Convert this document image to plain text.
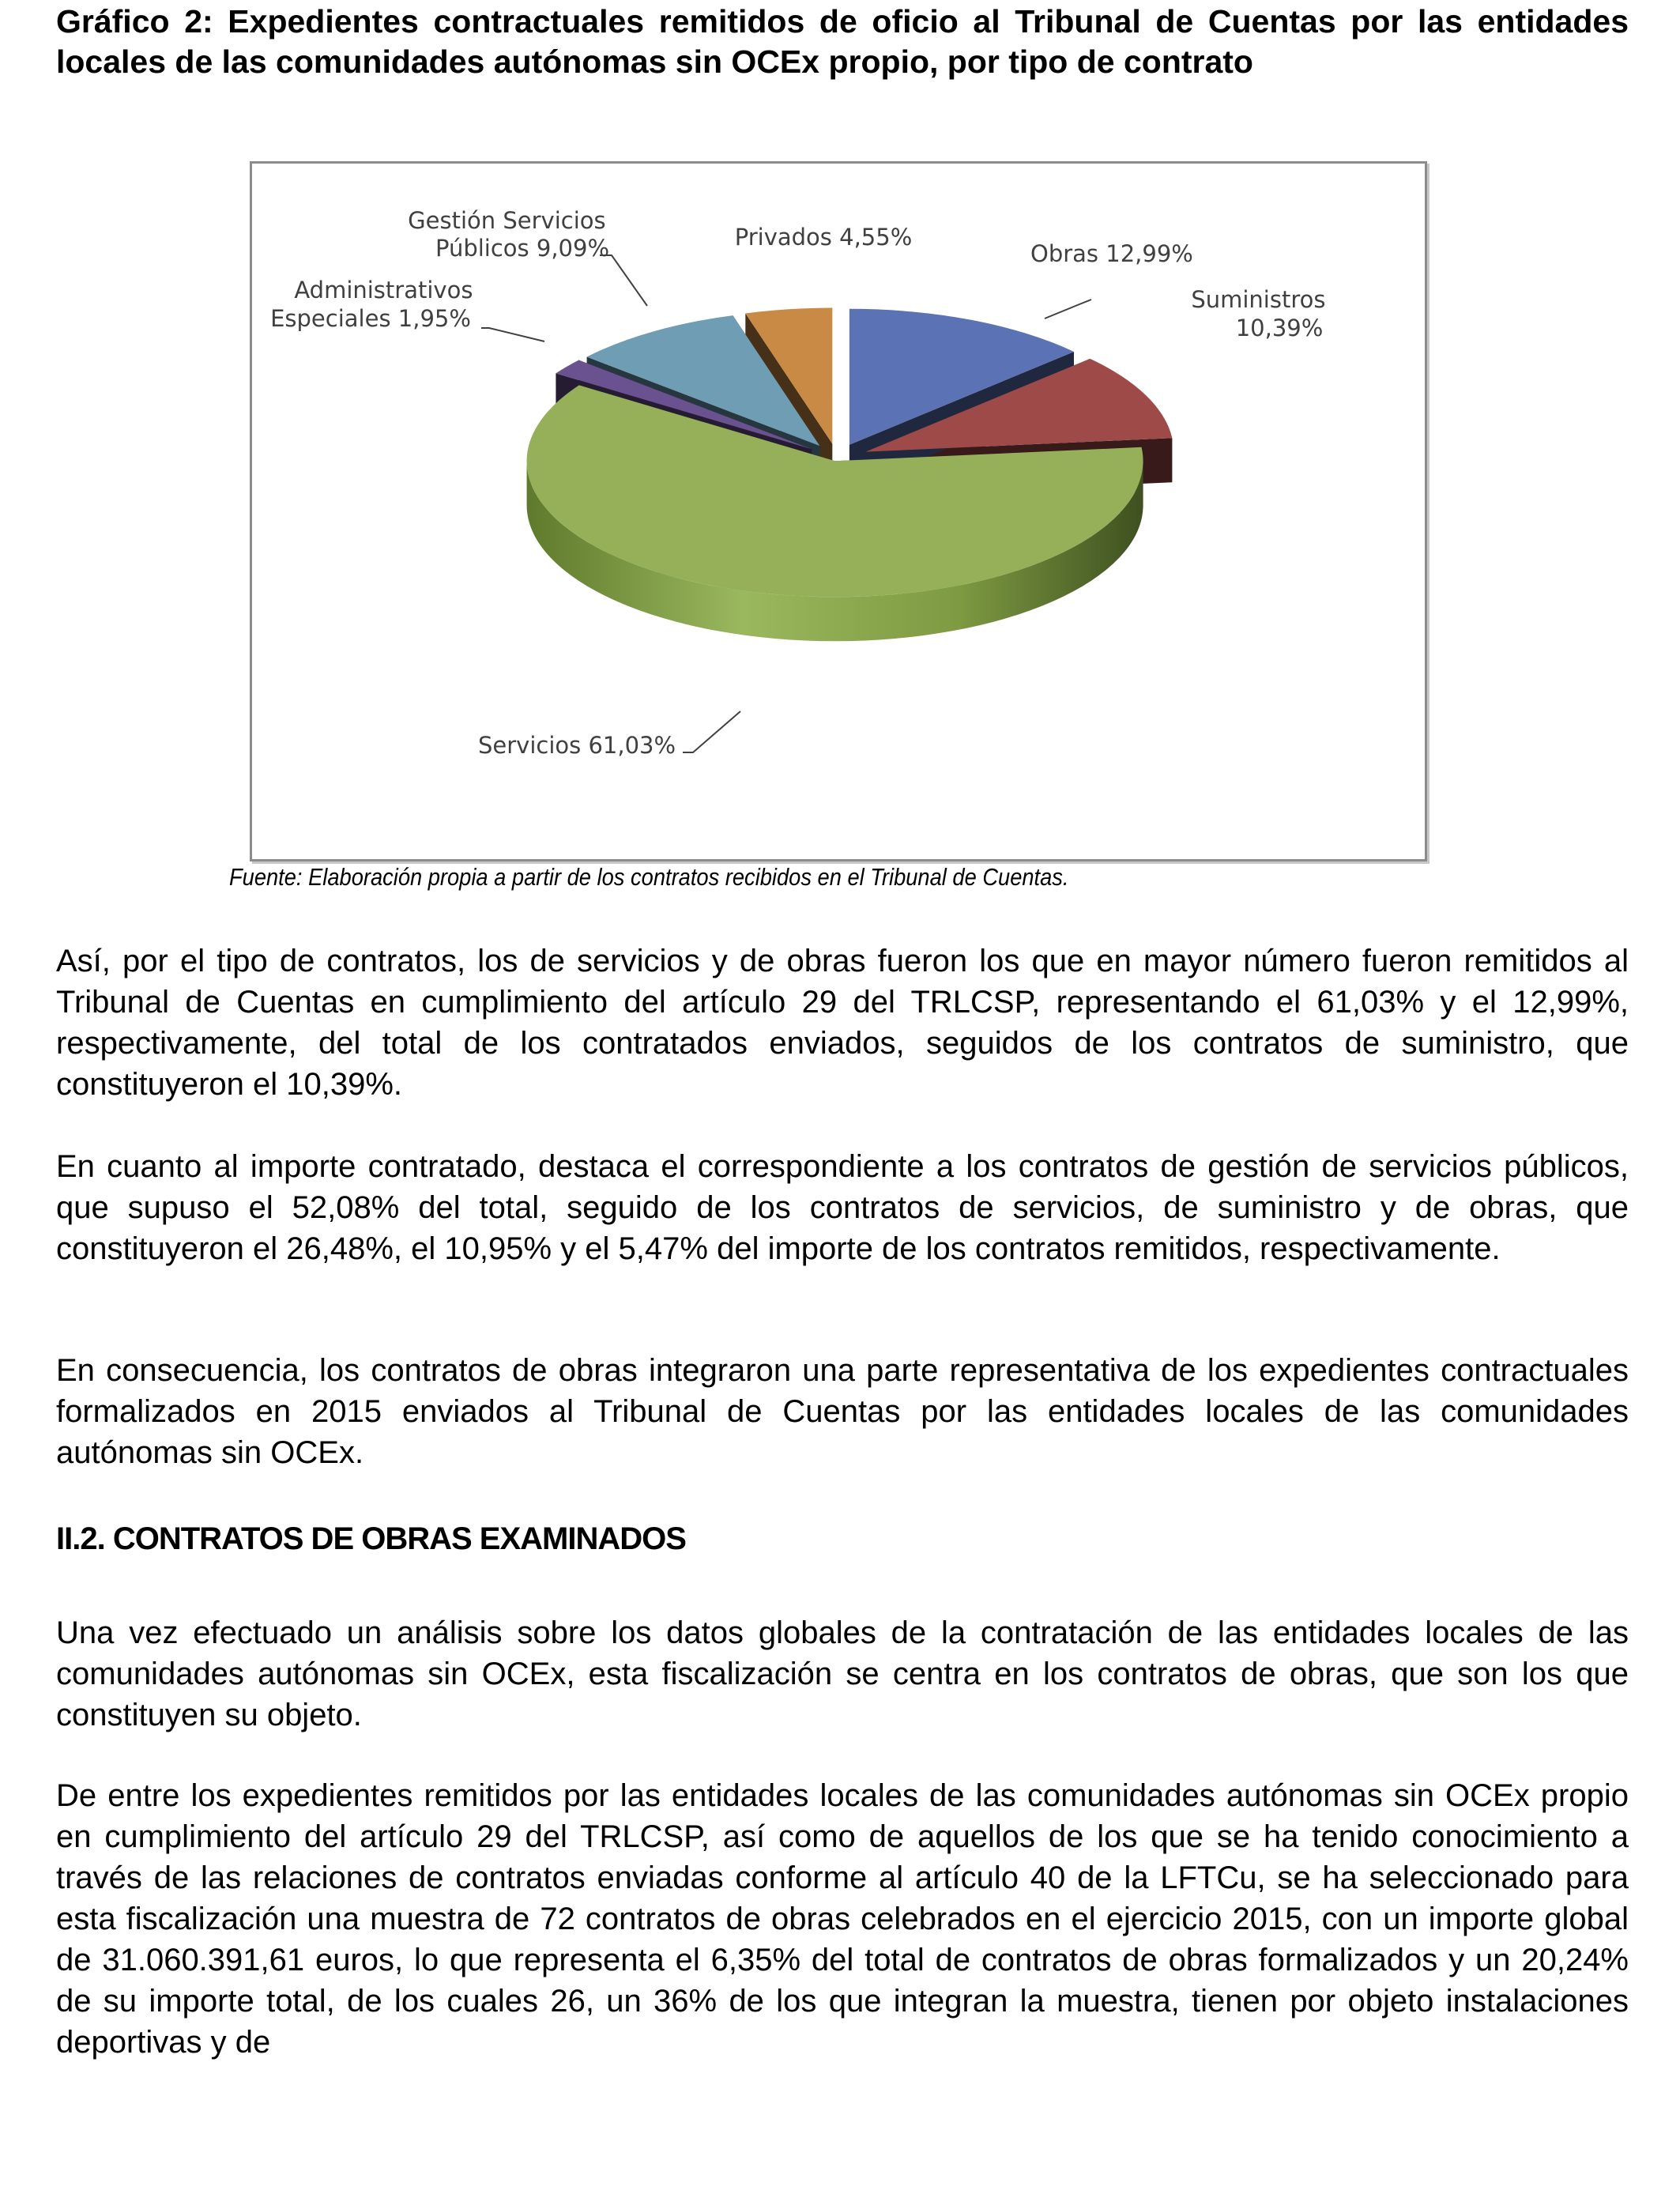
Gráfico 2: Expedientes contractuales remitidos de oficio al Tribunal de Cuentas por las entidades locales de las comunidades autónomas sin OCEx propio, por tipo de contrato
Obras 12,99%
Suministros 10,39%
Servicios 61,03%
Administrativos Especiales 1,95%
Gestión Servicios Públicos 9,09%	Privados 4,55%

Fuente: Elaboración propia a partir de los contratos recibidos en el Tribunal de Cuentas.

Así, por el tipo de contratos, los de servicios y de obras fueron los que en mayor número fueron remitidos al Tribunal de Cuentas en cumplimiento del artículo 29 del TRLCSP, representando el 61,03% y el 12,99%, respectivamente, del total de los contratados enviados, seguidos de los contratos de suministro, que constituyeron el 10,39%.

En cuanto al importe contratado, destaca el correspondiente a los contratos de gestión de servicios públicos, que supuso el 52,08% del total, seguido de los contratos de servicios, de suministro y de obras, que constituyeron el 26,48%, el 10,95% y el 5,47% del importe de los contratos remitidos, respectivamente.

En consecuencia, los contratos de obras integraron una parte representativa de los expedientes contractuales formalizados en 2015 enviados al Tribunal de Cuentas por las entidades locales de las comunidades autónomas sin OCEx.

II.2. CONTRATOS DE OBRAS EXAMINADOS

Una vez efectuado un análisis sobre los datos globales de la contratación de las entidades locales de las comunidades autónomas sin OCEx, esta fiscalización se centra en los contratos de obras, que son los que constituyen su objeto.

De entre los expedientes remitidos por las entidades locales de las comunidades autónomas sin OCEx propio en cumplimiento del artículo 29 del TRLCSP, así como de aquellos de los que se ha tenido conocimiento a través de las relaciones de contratos enviadas conforme al artículo 40 de la LFTCu, se ha seleccionado para esta fiscalización una muestra de 72 contratos de obras celebrados en el ejercicio 2015, con un importe global de 31.060.391,61 euros, lo que representa el 6,35% del total de contratos de obras formalizados y un 20,24% de su importe total, de los cuales 26, un 36% de los que integran la muestra, tienen por objeto instalaciones deportivas y de
